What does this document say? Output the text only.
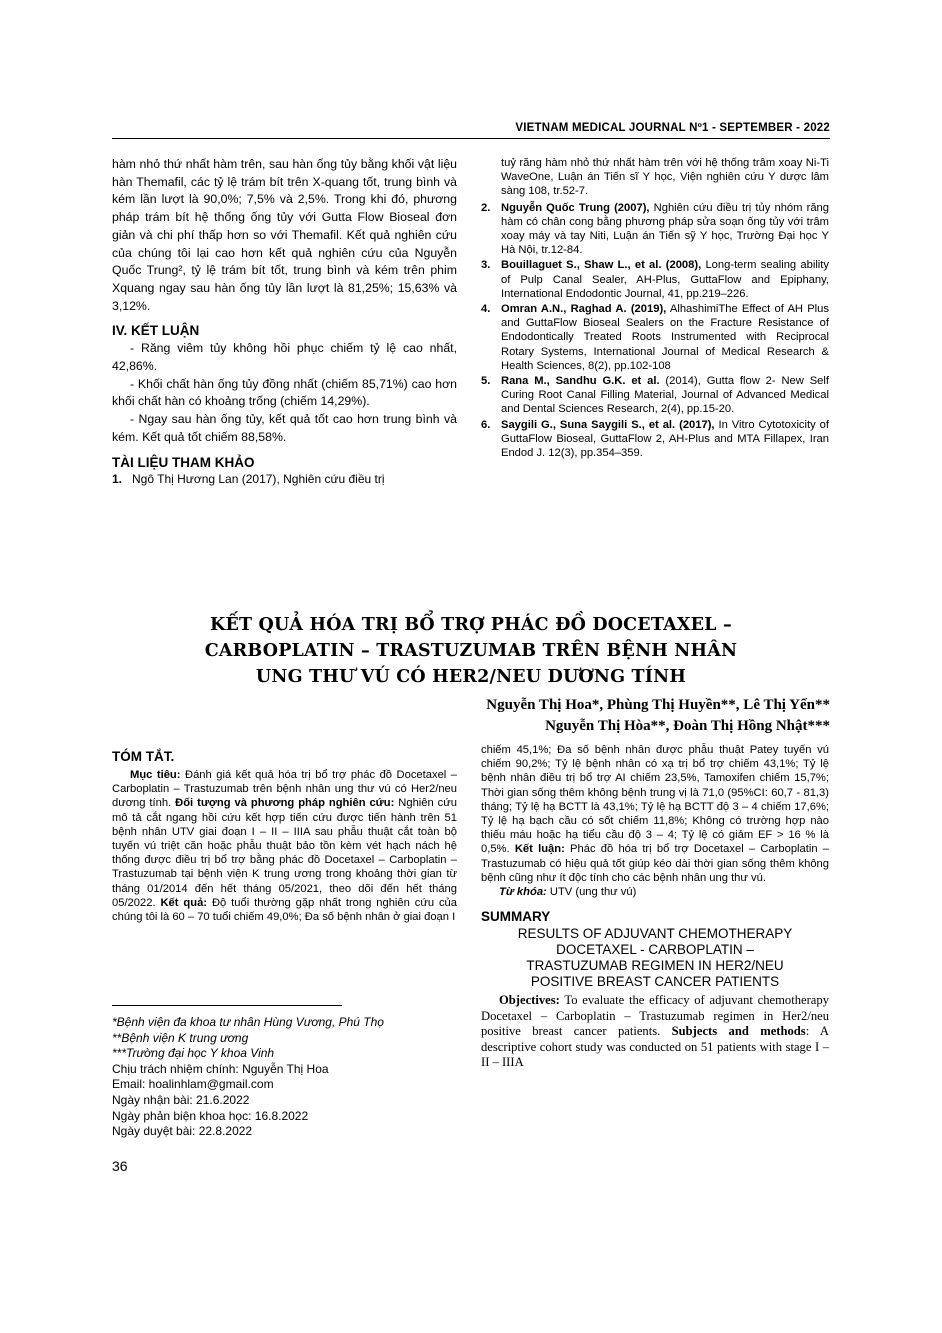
VIETNAM MEDICAL JOURNAL Nº1 - SEPTEMBER - 2022

hàm nhỏ thứ nhất hàm trên, sau hàn ống tủy bằng khối vật liệu hàn Themafil, các tỷ lệ trám bít trên X-quang tốt, trung bình và kém lần lượt là 90,0%; 7,5% và 2,5%. Trong khi đó, phương pháp trám bít hệ thống ống tủy với Gutta Flow Bioseal đơn giản và chi phí thấp hơn so với Themafil. Kết quả nghiên cứu của chúng tôi lại cao hơn kết quả nghiên cứu của Nguyễn Quốc Trung², tỷ lệ trám bít tốt, trung bình và kém trên phim Xquang ngay sau hàn ống tủy lần lượt là 81,25%; 15,63% và 3,12%.

IV. KẾT LUẬN

- Răng viêm tủy không hồi phục chiếm tỷ lệ cao nhất, 42,86%.

- Khối chất hàn ống tủy đồng nhất (chiếm 85,71%) cao hơn khối chất hàn có khoảng trống (chiếm 14,29%).

- Ngay sau hàn ống tủy, kết quả tốt cao hơn trung bình và kém. Kết quả tốt chiếm 88,58%.

TÀI LIỆU THAM KHẢO
1. Ngô Thị Hương Lan (2017), Nghiên cứu điều trị

tuỷ răng hàm nhỏ thứ nhất hàm trên với hệ thống trâm xoay Ni-Ti WaveOne, Luận án Tiến sĩ Y học, Viện nghiên cứu Y dược lâm sàng 108, tr.52-7.

2. Nguyễn Quốc Trung (2007), Nghiên cứu điều trị tủy nhóm răng hàm có chân cong bằng phương pháp sửa soạn ống tủy với trâm xoay máy và tay Niti, Luận án Tiến sỹ Y học, Trường Đại học Y Hà Nội, tr.12-84.
3. Bouillaguet S., Shaw L., et al. (2008), Long-term sealing ability of Pulp Canal Sealer, AH-Plus, GuttaFlow and Epiphany, International Endodontic Journal, 41, pp.219–226.
4. Omran A.N., Raghad A. (2019), AlhashimiThe Effect of AH Plus and GuttaFlow Bioseal Sealers on the Fracture Resistance of Endodontically Treated Roots Instrumented with Reciprocal Rotary Systems, International Journal of Medical Research & Health Sciences, 8(2), pp.102-108
5. Rana M., Sandhu G.K. et al. (2014), Gutta flow 2- New Self Curing Root Canal Filling Material, Journal of Advanced Medical and Dental Sciences Research, 2(4), pp.15-20.
6. Saygili G., Suna Saygili S., et al. (2017), In Vitro Cytotoxicity of GuttaFlow Bioseal, GuttaFlow 2, AH-Plus and MTA Fillapex, Iran Endod J. 12(3), pp.354–359.
KẾT QUẢ HÓA TRỊ BỔ TRỢ PHÁC ĐỒ DOCETAXEL –
CARBOPLATIN – TRASTUZUMAB TRÊN BỆNH NHÂN
UNG THƯ VÚ CÓ HER2/NEU DƯƠNG TÍNH
Nguyễn Thị Hoa*, Phùng Thị Huyền**, Lê Thị Yến**
Nguyễn Thị Hòa**, Đoàn Thị Hồng Nhật***
TÓM TẮT.

Mục tiêu: Đánh giá kết quả hóa trị bổ trợ phác đồ Docetaxel – Carboplatin – Trastuzumab trên bệnh nhân ung thư vú có Her2/neu dương tính. Đối tượng và phương pháp nghiên cứu: Nghiên cứu mô tả cắt ngang hồi cứu kết hợp tiến cứu được tiến hành trên 51 bệnh nhân UTV giai đoạn I – II – IIIA sau phẫu thuật cắt toàn bộ tuyến vú triệt căn hoặc phẫu thuật bảo tồn kèm vét hạch nách hệ thống được điều trị bổ trợ bằng phác đồ Docetaxel – Carboplatin – Trastuzumab tại bệnh viện K trung ương trong khoảng thời gian từ tháng 01/2014 đến hết tháng 05/2021, theo dõi đến hết tháng 05/2022. Kết quả: Độ tuổi thường gặp nhất trong nghiên cứu của chúng tôi là 60 – 70 tuổi chiếm 49,0%; Đa số bệnh nhân ở giai đoạn I

chiếm 45,1%; Đa số bệnh nhân được phẫu thuật Patey tuyến vú chiếm 90,2%; Tỷ lệ bệnh nhân có xạ trị bổ trợ chiếm 43,1%; Tỷ lệ bệnh nhân điều trị bổ trợ AI chiếm 23,5%, Tamoxifen chiếm 15,7%; Thời gian sống thêm không bệnh trung vị là 71,0 (95%CI: 60,7 - 81,3) tháng; Tỷ lệ hạ BCTT là 43,1%; Tỷ lệ hạ BCTT độ 3 – 4 chiếm 17,6%; Tỷ lệ hạ bạch cầu có sốt chiếm 11,8%; Không có trường hợp nào thiếu máu hoặc hạ tiểu cầu độ 3 – 4; Tỷ lệ có giảm EF > 16 % là 0,5%. Kết luận: Phác đồ hóa trị bổ trợ Docetaxel – Carboplatin – Trastuzumab có hiệu quả tốt giúp kéo dài thời gian sống thêm không bệnh cũng như ít độc tính cho các bệnh nhân ung thư vú.

Từ khóa: UTV (ung thư vú)

SUMMARY
RESULTS OF ADJUVANT CHEMOTHERAPY
DOCETAXEL - CARBOPLATIN –
TRASTUZUMAB REGIMEN IN HER2/NEU
POSITIVE BREAST CANCER PATIENTS

Objectives: To evaluate the efficacy of adjuvant chemotherapy Docetaxel – Carboplatin – Trastuzumab regimen in Her2/neu positive breast cancer patients. Subjects and methods: A descriptive cohort study was conducted on 51 patients with stage I – II – IIIA

*Bệnh viện đa khoa tư nhân Hùng Vương, Phú Thọ
**Bệnh viện K trung ương
***Trường đại học Y khoa Vinh
Chịu trách nhiệm chính: Nguyễn Thị Hoa
Email: hoalinhlam@gmail.com
Ngày nhận bài: 21.6.2022
Ngày phản biện khoa học: 16.8.2022
Ngày duyệt bài: 22.8.2022
36
